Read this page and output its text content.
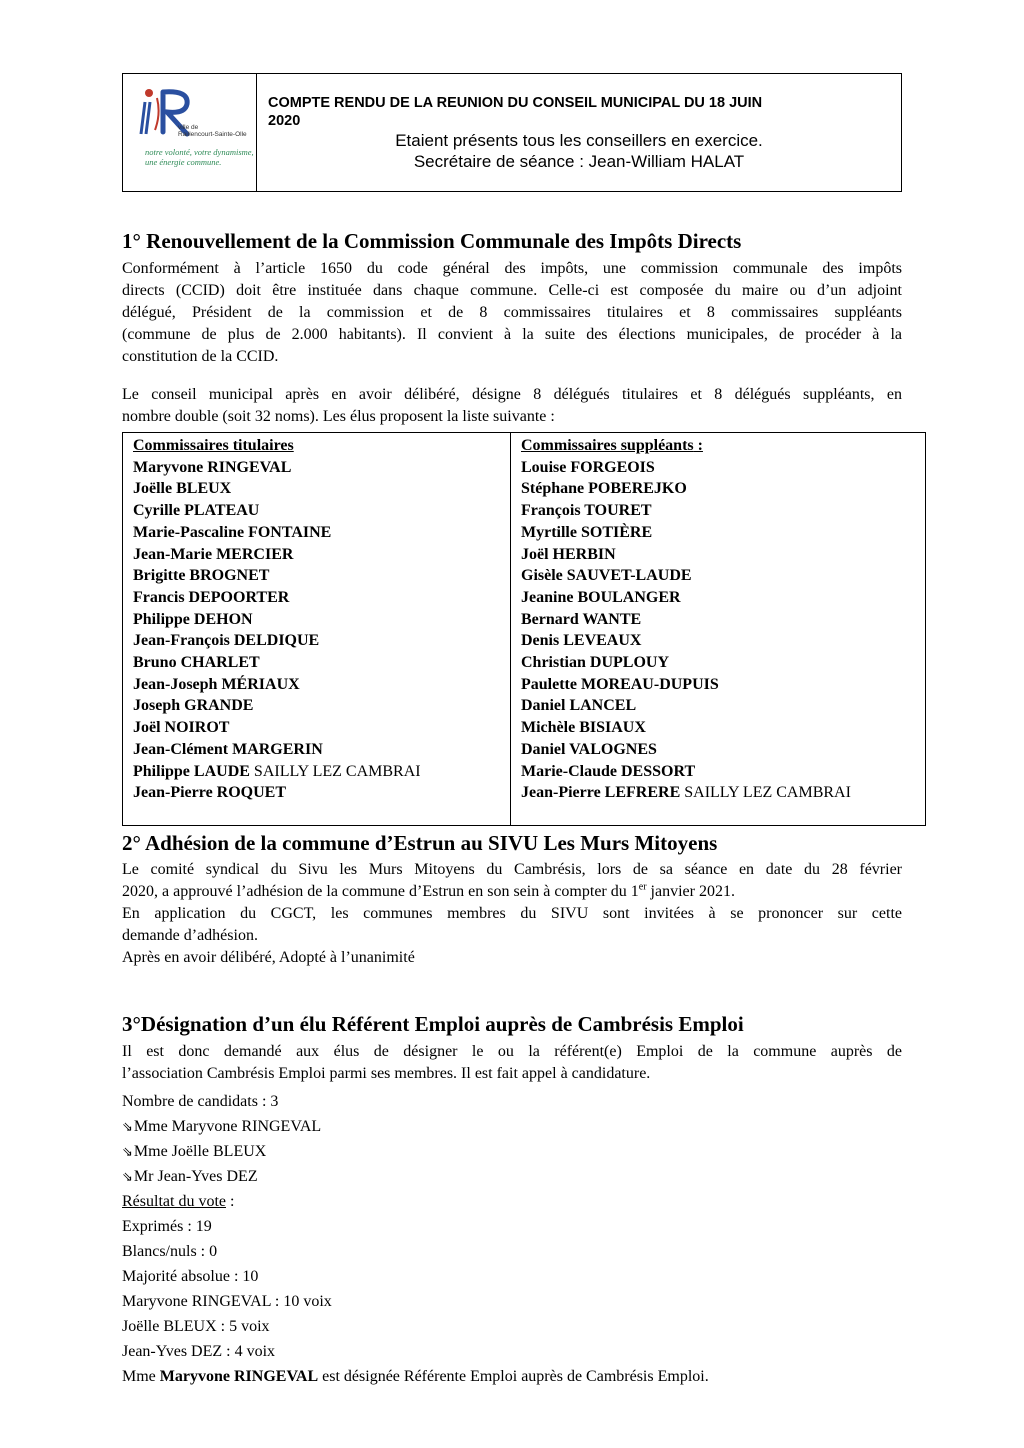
ville de
Raillencourt-Sainte-Olle
notre volonté, votre dynamisme, une énergie commune.
COMPTE RENDU DE LA REUNION DU CONSEIL MUNICIPAL DU 18 JUIN
2020
Etaient présents tous les conseillers en exercice.
Secrétaire de séance : Jean-William HALAT
1° Renouvellement de la Commission Communale des Impôts Directs
Conformément à l’article 1650 du code général des impôts, une commission communale des impôts
directs (CCID) doit être instituée dans chaque commune. Celle-ci est composée du maire ou d’un adjoint
délégué, Président de la commission et de 8 commissaires titulaires et 8 commissaires suppléants
(commune de plus de 2.000 habitants). Il convient à la suite des élections municipales, de procéder à la
constitution de la CCID.
Le conseil municipal après en avoir délibéré, désigne 8 délégués titulaires et 8 délégués suppléants, en
nombre double (soit 32 noms). Les élus proposent la liste suivante :
Commissaires titulaires
Maryvone RINGEVAL
Joëlle BLEUX
Cyrille PLATEAU
Marie-Pascaline FONTAINE
Jean-Marie MERCIER
Brigitte BROGNET
Francis DEPOORTER
Philippe DEHON
Jean-François DELDIQUE
Bruno CHARLET
Jean-Joseph MÉRIAUX
Joseph GRANDE
Joël NOIROT
Jean-Clément MARGERIN
Philippe LAUDE SAILLY LEZ CAMBRAI
Jean-Pierre ROQUET
Commissaires suppléants :
Louise FORGEOIS
Stéphane POBEREJKO
François TOURET
Myrtille SOTIÈRE
Joël HERBIN
Gisèle SAUVET-LAUDE
Jeanine BOULANGER
Bernard WANTE
Denis LEVEAUX
Christian DUPLOUY
Paulette MOREAU-DUPUIS
Daniel LANCEL
Michèle BISIAUX
Daniel VALOGNES
Marie-Claude DESSORT
Jean-Pierre LEFRERE SAILLY LEZ CAMBRAI
2° Adhésion de la commune d’Estrun au SIVU Les Murs Mitoyens
Le comité syndical du Sivu les Murs Mitoyens du Cambrésis, lors de sa séance en date du 28 février
2020, a approuvé l’adhésion de la commune d’Estrun en son sein à compter du 1er janvier 2021.
En application du CGCT, les communes membres du SIVU sont invitées à se prononcer sur cette
demande d’adhésion.
Après en avoir délibéré, Adopté à l’unanimité
3°Désignation d’un élu Référent Emploi auprès de Cambrésis Emploi
Il est donc demandé aux élus de désigner le ou la référent(e) Emploi de la commune auprès de
l’association Cambrésis Emploi parmi ses membres. Il est fait appel à candidature.
Nombre de candidats : 3
⇘Mme Maryvone RINGEVAL
⇘Mme Joëlle BLEUX
⇘Mr Jean-Yves DEZ
Résultat du vote :
Exprimés : 19
Blancs/nuls : 0
Majorité absolue : 10
Maryvone RINGEVAL : 10 voix
Joëlle BLEUX : 5 voix
Jean-Yves DEZ : 4 voix
Mme Maryvone RINGEVAL est désignée Référente Emploi auprès de Cambrésis Emploi.
